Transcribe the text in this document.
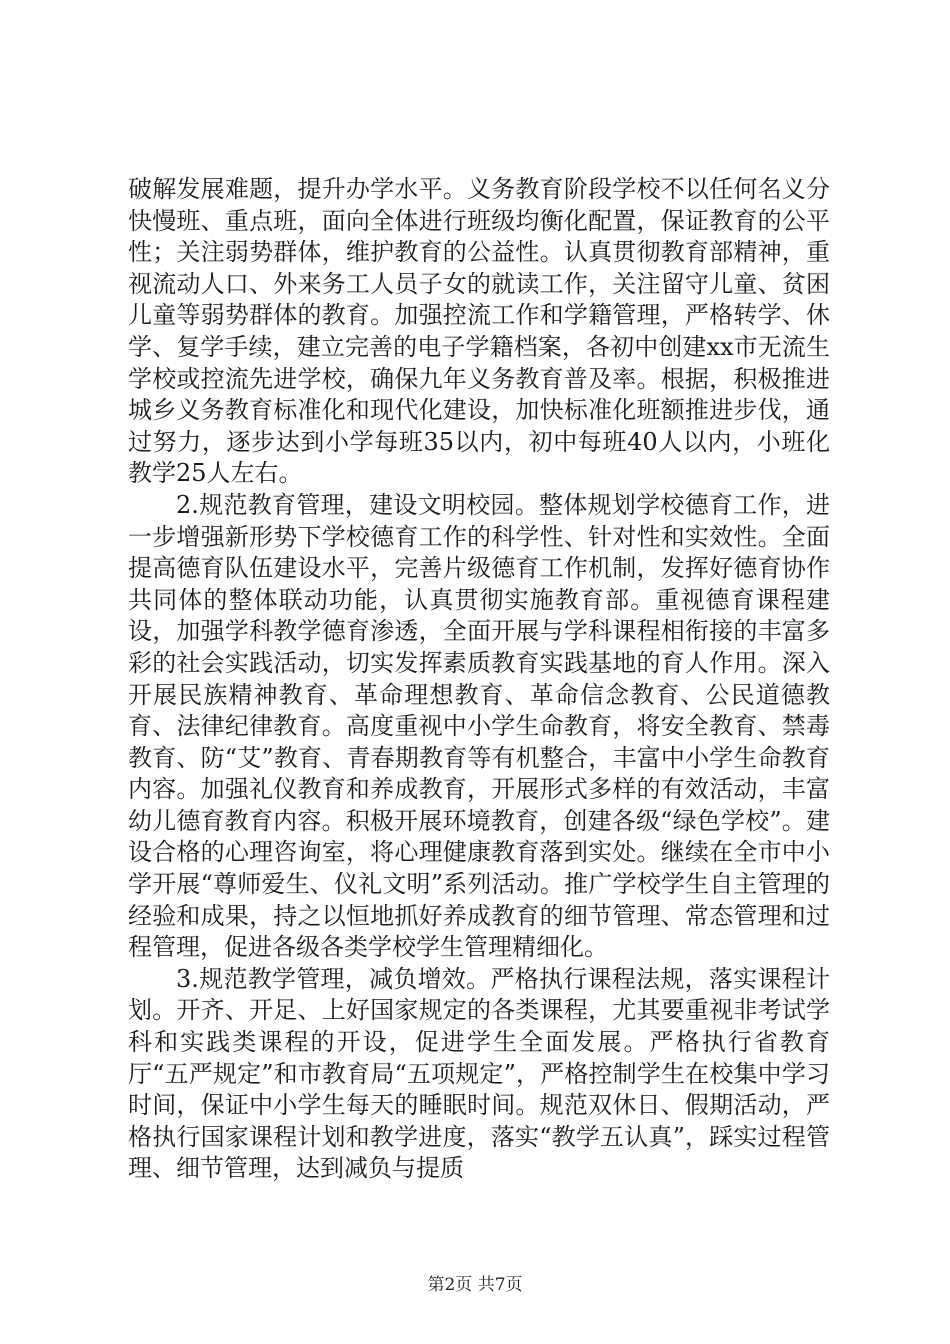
破解发展难题，提升办学水平。义务教育阶段学校不以任何名义分快慢班、重点班，面向全体进行班级均衡化配置，保证教育的公平性；关注弱势群体，维护教育的公益性。认真贯彻教育部精神，重视流动人口、外来务工人员子女的就读工作，关注留守儿童、贫困儿童等弱势群体的教育。加强控流工作和学籍管理，严格转学、休学、复学手续，建立完善的电子学籍档案，各初中创建xx市无流生学校或控流先进学校，确保九年义务教育普及率。根据，积极推进城乡义务教育标准化和现代化建设，加快标准化班额推进步伐，通过努力，逐步达到小学每班35以内，初中每班40人以内，小班化教学25人左右。

2.规范教育管理，建设文明校园。整体规划学校德育工作，进一步增强新形势下学校德育工作的科学性、针对性和实效性。全面提高德育队伍建设水平，完善片级德育工作机制，发挥好德育协作共同体的整体联动功能，认真贯彻实施教育部。重视德育课程建设，加强学科教学德育渗透，全面开展与学科课程相衔接的丰富多彩的社会实践活动，切实发挥素质教育实践基地的育人作用。深入开展民族精神教育、革命理想教育、革命信念教育、公民道德教育、法律纪律教育。高度重视中小学生命教育，将安全教育、禁毒教育、防“艾”教育、青春期教育等有机整合，丰富中小学生命教育内容。加强礼仪教育和养成教育，开展形式多样的有效活动，丰富幼儿德育教育内容。积极开展环境教育，创建各级“绿色学校”。建设合格的心理咨询室，将心理健康教育落到实处。继续在全市中小学开展“尊师爱生、仪礼文明”系列活动。推广学校学生自主管理的经验和成果，持之以恒地抓好养成教育的细节管理、常态管理和过程管理，促进各级各类学校学生管理精细化。

3.规范教学管理，减负增效。严格执行课程法规，落实课程计划。开齐、开足、上好国家规定的各类课程，尤其要重视非考试学科和实践类课程的开设，促进学生全面发展。严格执行省教育厅“五严规定”和市教育局“五项规定”，严格控制学生在校集中学习时间，保证中小学生每天的睡眠时间。规范双休日、假期活动，严格执行国家课程计划和教学进度，落实“教学五认真”，踩实过程管理、细节管理，达到减负与提质

第2页 共7页
